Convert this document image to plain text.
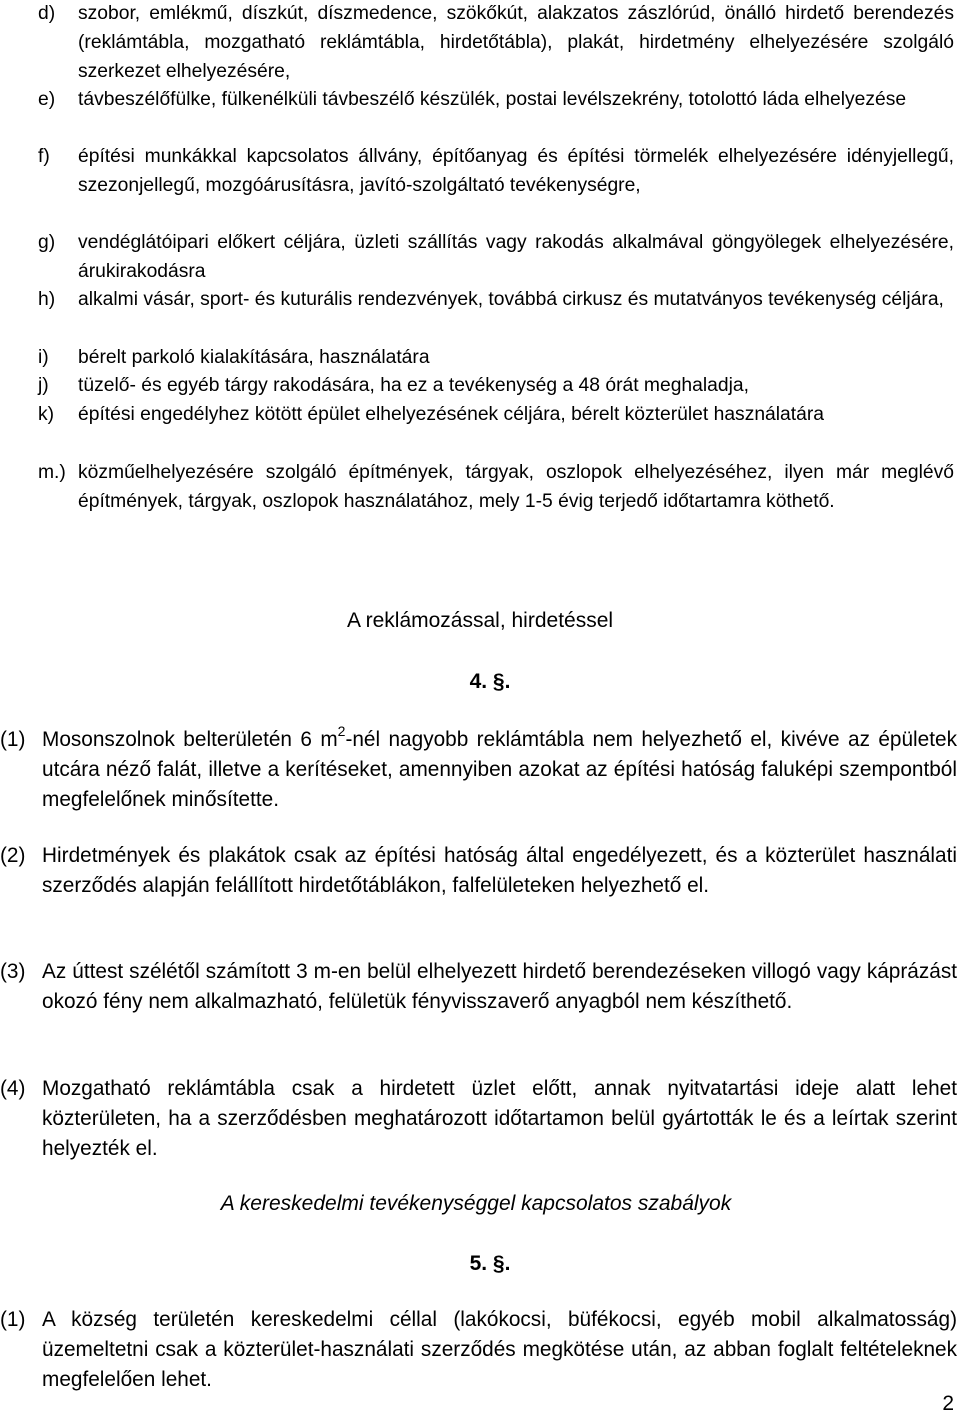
d)	szobor, emlékmű, díszkút, díszmedence, szökőkút, alakzatos zászlórúd, önálló hirdető berendezés (reklámtábla, mozgatható reklámtábla, hirdetőtábla), plakát, hirdetmény elhelyezésére szolgáló szerkezet elhelyezésére,
e)	távbeszélőfülke, fülkenélküli távbeszélő készülék, postai levélszekrény, totolottó láda elhelyezése
f)	építési munkákkal kapcsolatos állvány, építőanyag és építési törmelék elhelyezésére idényjellegű, szezonjellegű, mozgóárusításra, javító-szolgáltató tevékenységre,
g)	vendéglátóipari előkert céljára, üzleti szállítás vagy rakodás alkalmával göngyölegek elhelyezésére, árukirakodásra
h)	alkalmi vásár, sport- és kuturális rendezvények, továbbá cirkusz és mutatványos tevékenység céljára,
i)	bérelt parkoló kialakítására, használatára
j)	tüzelő- és egyéb tárgy rakodására, ha ez a tevékenység a 48 órát meghaladja,
k)	építési engedélyhez kötött épület elhelyezésének céljára, bérelt közterület használatára
m.) közműelhelyezésére szolgáló építmények, tárgyak, oszlopok elhelyezéséhez, ilyen már meglévő építmények, tárgyak, oszlopok használatához, mely 1-5 évig terjedő időtartamra köthető.
A reklámozással, hirdetéssel
4. §.
(1) Mosonszolnok belterületén 6 $m^2$-nél nagyobb reklámtábla nem helyezhető el, kivéve az épületek utcára néző falát, illetve a kerítéseket, amennyiben azokat az építési hatóság faluképi szempontból megfelelőnek minősítette.
(2) Hirdetmények és plakátok csak az építési hatóság által engedélyezett, és a közterület használati szerződés alapján felállított hirdetőtáblákon, falfelületeken helyezhető el.
(3) Az úttest szélétől számított 3 m-en belül elhelyezett hirdető berendezéseken villogó vagy káprázást okozó fény nem alkalmazható, felületük fényvisszaverő anyagból nem készíthető.
(4) Mozgatható reklámtábla csak a hirdetett üzlet előtt, annak nyitvatartási ideje alatt lehet közterületen, ha a szerződésben meghatározott időtartamon belül gyártották le és a leírtak szerint helyezték el.
A kereskedelmi tevékenységgel kapcsolatos szabályok
5. §.
(1) A község területén kereskedelmi céllal (lakókocsi, büfékocsi, egyéb mobil alkalmatosság) üzemeltetni csak a közterület-használati szerződés megkötése után, az abban foglalt feltételeknek megfelelően lehet.
2
